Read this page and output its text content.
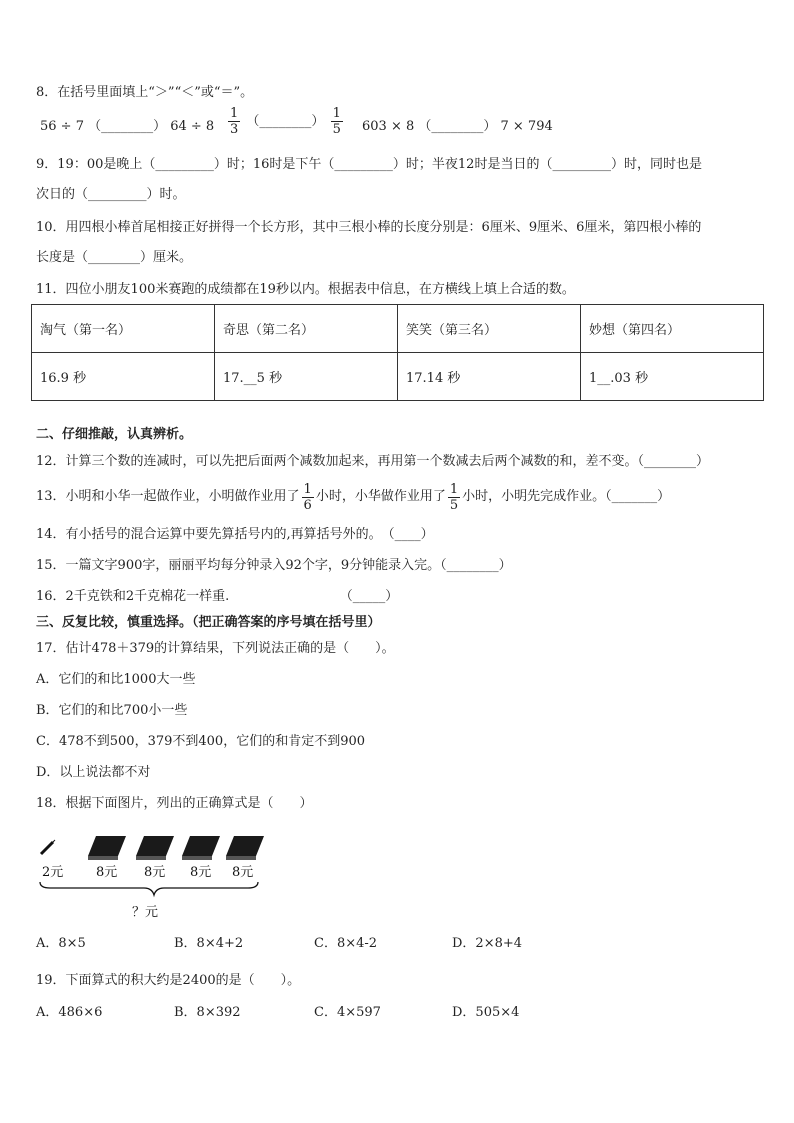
8．在括号里面填上“＞”“＜”或“＝”。
56 ÷ 7 （________） $64 \div 8 \frac{1}{3}$ （________） $\frac{1}{5} 603 \times 8$ （________） 7 × 794
9．19：00是晚上（_________）时；16时是下午（_________）时；半夜12时是当日的（_________）时，同时也是
次日的（_________）时。
10．用四根小棒首尾相接正好拼得一个长方形，其中三根小棒的长度分别是：6厘米、9厘米、6厘米，第四根小棒的
长度是（________）厘米。
11．四位小朋友100米赛跑的成绩都在19秒以内。根据表中信息，在方横线上填上合适的数。
淘气（第一名）	奇思（第二名）	笑笑（第三名）	妙想（第四名）
16.9 秒	17.__5 秒	17.14 秒	1__.03 秒
二、仔细推敲，认真辨析。
12．计算三个数的连减时，可以先把后面两个减数加起来，再用第一个数减去后两个减数的和，差不变。（________）
13．小明和小华一起做作业，小明做作业用了 $\frac{1}{6}$ 小时，小华做作业用了 $\frac{1}{5}$ 小时，小明先完成作业。（_______）
14．有小括号的混合运算中要先算括号内的,再算括号外的。　（____）
15．一篇文字900字，丽丽平均每分钟录入92个字，9分钟能录入完。（________）
16．2千克铁和2千克棉花一样重.　　　　　　　　　（_____）
三、反复比较，慎重选择。（把正确答案的序号填在括号里）
17．估计478＋379的计算结果，下列说法正确的是（　　）。
A．它们的和比1000大一些
B．它们的和比700小一些
C．478不到500，379不到400，它们的和肯定不到900
D．以上说法都不对
18．根据下面图片，列出的正确算式是（　　）
2元	8元 8元 8元 8元
？元
A．8×5	B．8×4+2	C．8×4-2	D．2×8+4
19．下面算式的积大约是2400的是（　　）。
A．486×6	B．8×392	C．4×597	D．505×4
